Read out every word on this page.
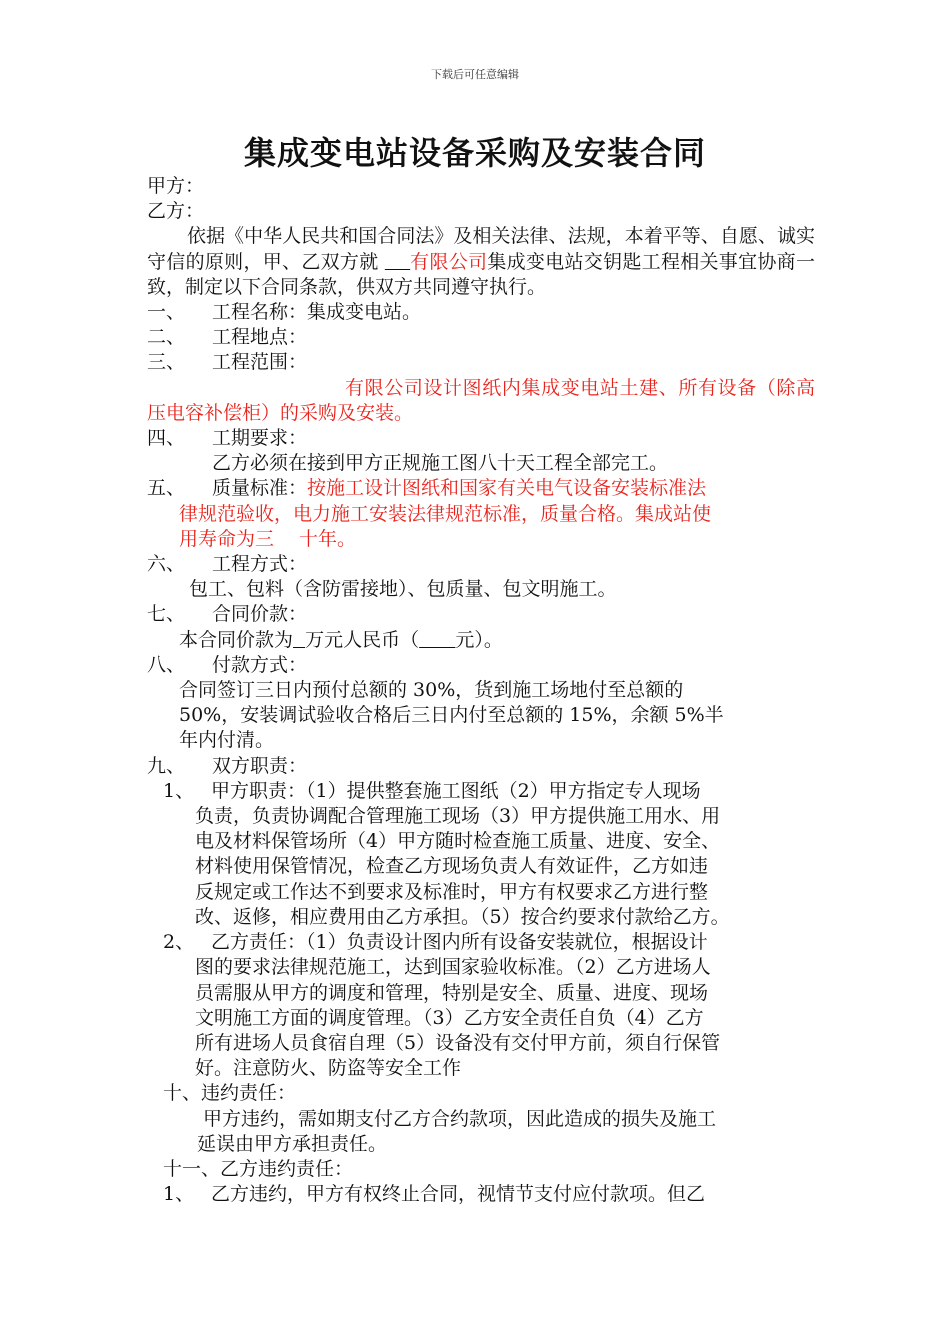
下载后可任意编辑
集成变电站设备采购及安装合同
甲方：
乙方：
依据《中华人民共和国合同法》及相关法律、法规，本着平等、自愿、诚实守信的原则，甲、乙双方就 有限公司集成变电站交钥匙工程相关事宜协商一致，制定以下合同条款，供双方共同遵守执行。
一、 工程名称：集成变电站。
二、 工程地点：
三、 工程范围：
有限公司设计图纸内集成变电站土建、所有设备（除高压电容补偿柜）的采购及安装。
四、 工期要求：
乙方必须在接到甲方正规施工图八十天工程全部完工。
五、 质量标准：按施工设计图纸和国家有关电气设备安装标准法
律规范验收，电力施工安装法律规范标准，质量合格。集成站使
用寿命为三　 十年。
六、 工程方式：
包工、包料（含防雷接地）、包质量、包文明施工。
七、 合同价款：
本合同价款为 万元人民币（ 元）。
八、 付款方式：
合同签订三日内预付总额的 30%，货到施工场地付至总额的
50%，安装调试验收合格后三日内付至总额的 15%，余额 5%半
年内付清。
九、 双方职责：
1、 甲方职责：（1）提供整套施工图纸（2）甲方指定专人现场
负责，负责协调配合管理施工现场（3）甲方提供施工用水、用
电及材料保管场所（4）甲方随时检查施工质量、进度、安全、
材料使用保管情况，检查乙方现场负责人有效证件，乙方如违
反规定或工作达不到要求及标准时，甲方有权要求乙方进行整
改、返修，相应费用由乙方承担。（5）按合约要求付款给乙方。
2、 乙方责任：（1）负责设计图内所有设备安装就位，根据设计
图的要求法律规范施工，达到国家验收标准。（2）乙方进场人
员需服从甲方的调度和管理，特别是安全、质量、进度、现场
文明施工方面的调度管理。（3）乙方安全责任自负（4）乙方
所有进场人员食宿自理（5）设备没有交付甲方前，须自行保管
好。注意防火、防盗等安全工作
十、违约责任：
甲方违约，需如期支付乙方合约款项，因此造成的损失及施工
延误由甲方承担责任。
十一、乙方违约责任：
1、 乙方违约，甲方有权终止合同，视情节支付应付款项。但乙
